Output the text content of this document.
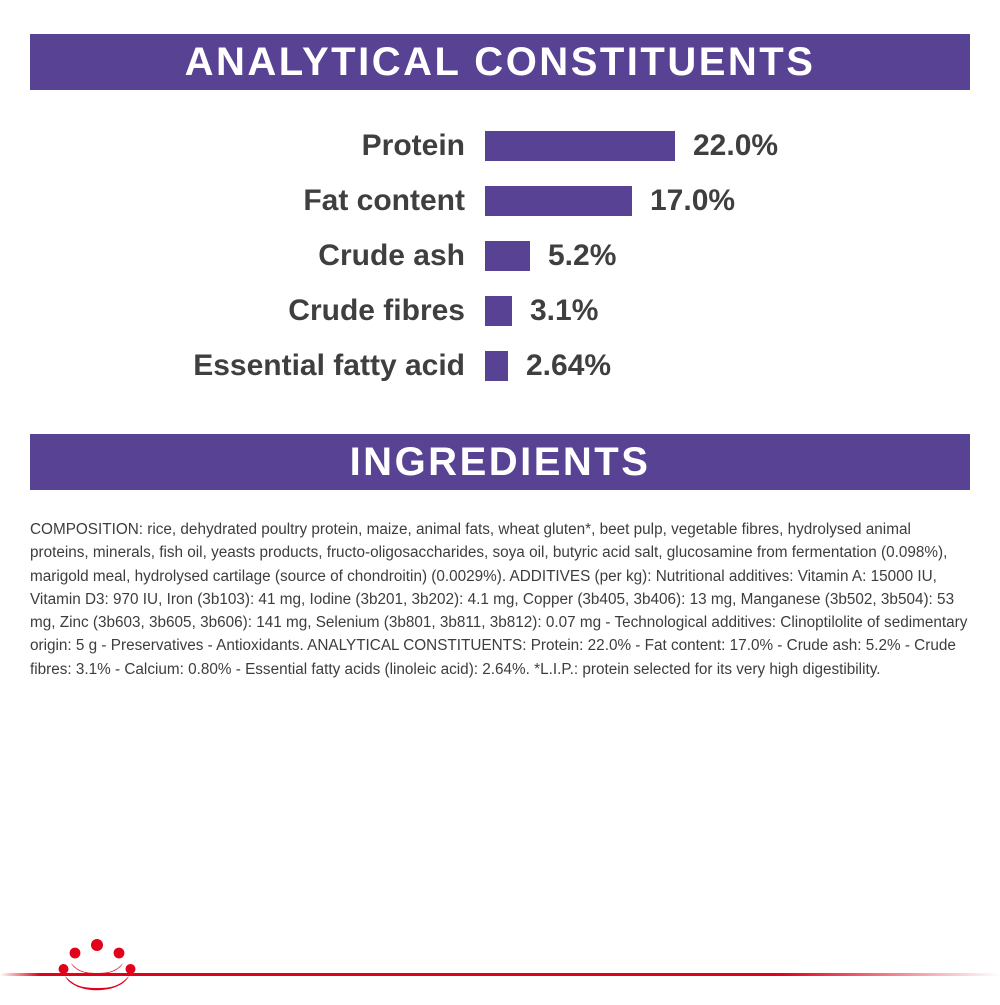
ANALYTICAL CONSTITUENTS
Protein	22.0%
Fat content	17.0%
Crude ash	5.2%
Crude fibres	3.1%
Essential fatty acid	2.64%
INGREDIENTS
COMPOSITION: rice, dehydrated poultry protein, maize, animal fats, wheat gluten*, beet pulp, vegetable fibres, hydrolysed animal proteins, minerals, fish oil, yeasts products, fructo-oligosaccharides, soya oil, butyric acid salt, glucosamine from fermentation (0.098%), marigold meal, hydrolysed cartilage (source of chondroitin) (0.0029%). ADDITIVES (per kg): Nutritional additives: Vitamin A: 15000 IU, Vitamin D3: 970 IU, Iron (3b103): 41 mg, Iodine (3b201, 3b202): 4.1 mg, Copper (3b405, 3b406): 13 mg, Manganese (3b502, 3b504): 53 mg, Zinc (3b603, 3b605, 3b606): 141 mg, Selenium (3b801, 3b811, 3b812): 0.07 mg - Technological additives: Clinoptilolite of sedimentary origin: 5 g - Preservatives - Antioxidants. ANALYTICAL CONSTITUENTS: Protein: 22.0% - Fat content: 17.0% - Crude ash: 5.2% - Crude fibres: 3.1% - Calcium: 0.80% - Essential fatty acids (linoleic acid): 2.64%. *L.I.P.: protein selected for its very high digestibility.
